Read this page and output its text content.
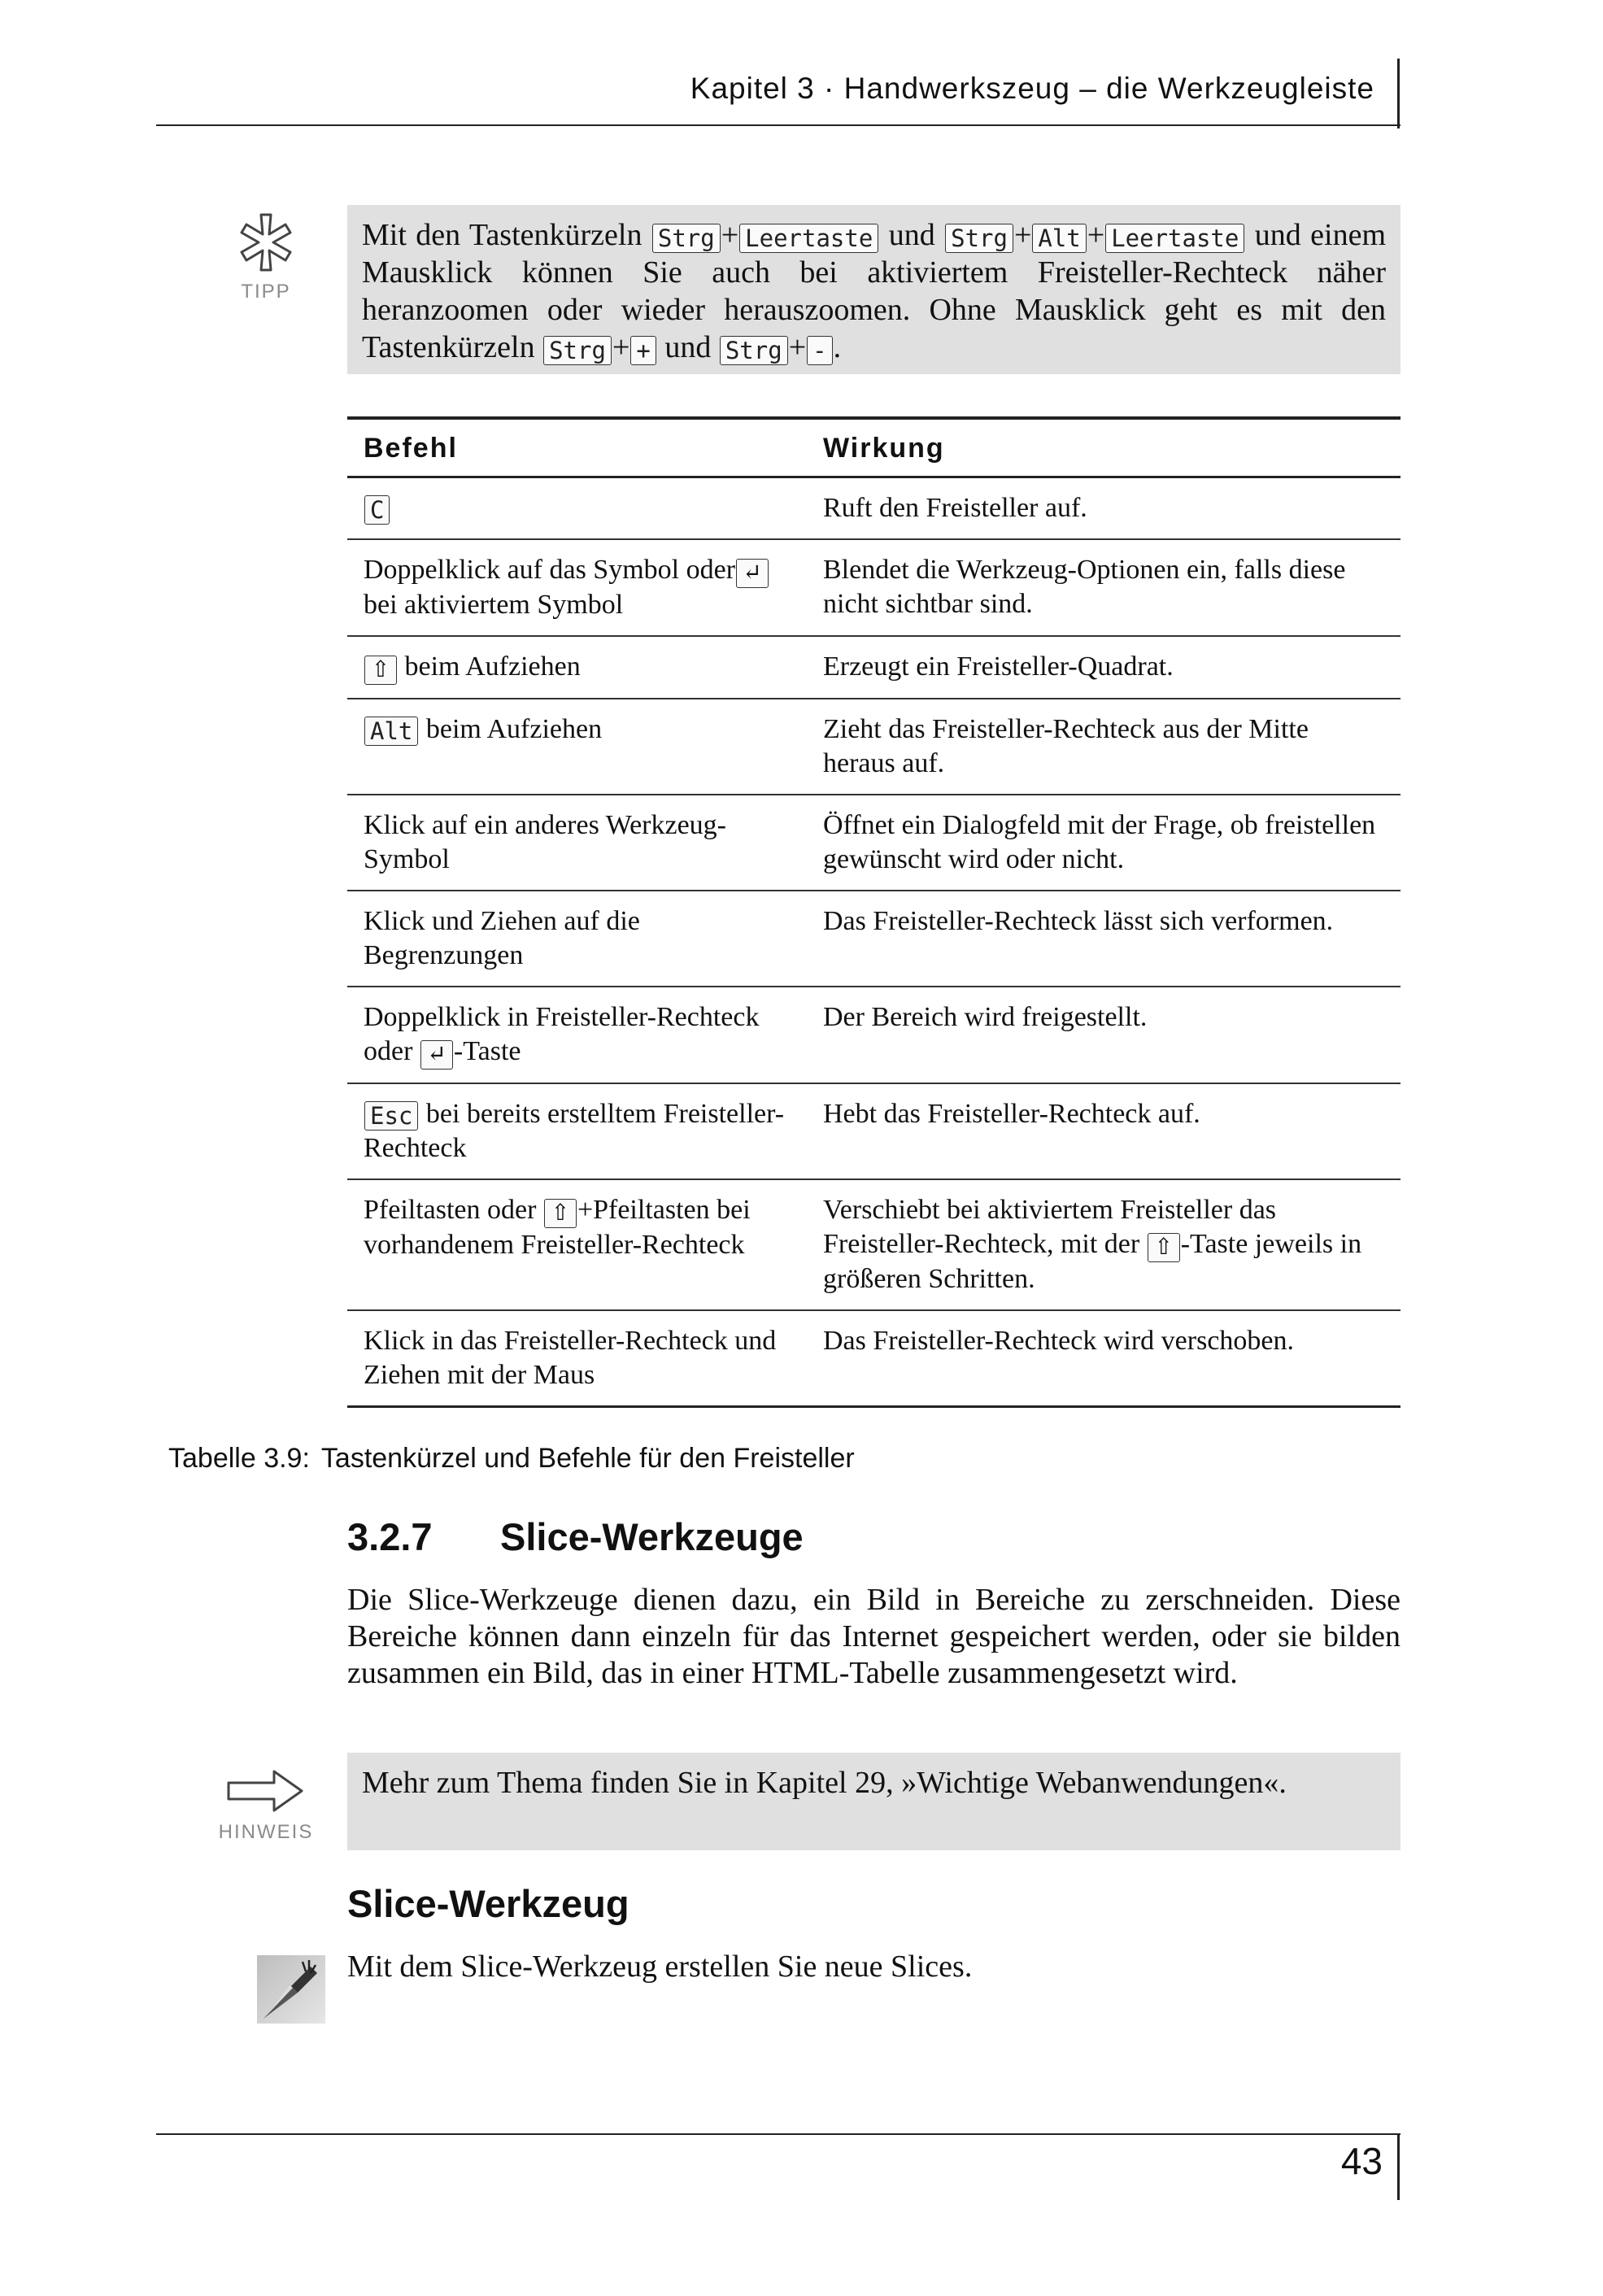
Kapitel 3 · Handwerkszeug – die Werkzeugleiste
TIPP
Mit den Tastenkürzeln Strg + Leertaste und Strg + Alt + Leertaste und einem Mausklick können Sie auch bei aktiviertem Freisteller-Rechteck näher heranzoomen oder wieder herauszoomen. Ohne Mausklick geht es mit den Tastenkürzeln Strg + + und Strg + - .
Befehl	Wirkung
C	Ruft den Freisteller auf.
Doppelklick auf das Symbol oder ↵ bei aktiviertem Symbol	Blendet die Werkzeug-Optionen ein, falls diese nicht sichtbar sind.
⇧ beim Aufziehen	Erzeugt ein Freisteller-Quadrat.
Alt beim Aufziehen	Zieht das Freisteller-Rechteck aus der Mitte heraus auf.
Klick auf ein anderes Werkzeug-Symbol	Öffnet ein Dialogfeld mit der Frage, ob freistellen gewünscht wird oder nicht.
Klick und Ziehen auf die Begrenzungen	Das Freisteller-Rechteck lässt sich verformen.
Doppelklick in Freisteller-Rechteck oder ↵ -Taste	Der Bereich wird freigestellt.
Esc bei bereits erstelltem Freisteller-Rechteck	Hebt das Freisteller-Rechteck auf.
Pfeiltasten oder ⇧ +Pfeiltasten bei vorhandenem Freisteller-Rechteck	Verschiebt bei aktiviertem Freisteller das Freisteller-Rechteck, mit der ⇧ -Taste jeweils in größeren Schritten.
Klick in das Freisteller-Rechteck und Ziehen mit der Maus	Das Freisteller-Rechteck wird verschoben.
Tabelle 3.9: Tastenkürzel und Befehle für den Freisteller
3.2.7 Slice-Werkzeuge
Die Slice-Werkzeuge dienen dazu, ein Bild in Bereiche zu zerschneiden. Diese Bereiche können dann einzeln für das Internet gespeichert werden, oder sie bilden zusammen ein Bild, das in einer HTML-Tabelle zusammengesetzt wird.
HINWEIS
Mehr zum Thema finden Sie in Kapitel 29, »Wichtige Webanwendungen«.
Slice-Werkzeug
Mit dem Slice-Werkzeug erstellen Sie neue Slices.
43
